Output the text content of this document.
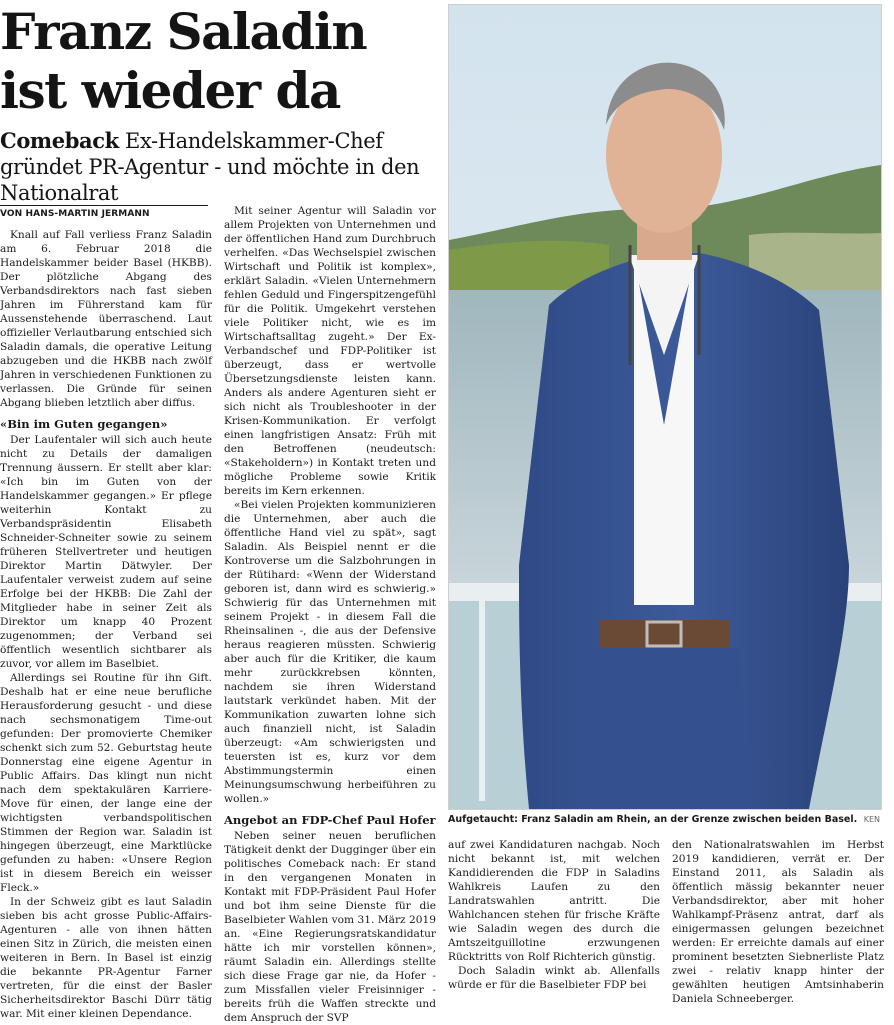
Franz Saladin ist wieder da
Comeback Ex-Handelskammer-Chef gründet PR-Agentur - und möchte in den Nationalrat
VON HANS-MARTIN JERMANN

Knall auf Fall verliess Franz Saladin am 6. Februar 2018 die Handelskammer beider Basel (HKBB). Der plötzliche Abgang des Verbandsdirektors nach fast sieben Jahren im Führerstand kam für Aussenstehende überraschend. Laut offizieller Verlautbarung entschied sich Saladin damals, die operative Leitung abzugeben und die HKBB nach zwölf Jahren in verschiedenen Funktionen zu verlassen. Die Gründe für seinen Abgang blieben letztlich aber diffus.

«Bin im Guten gegangen»

Der Laufentaler will sich auch heute nicht zu Details der damaligen Trennung äussern. Er stellt aber klar: «Ich bin im Guten von der Handelskammer gegangen.» Er pflege weiterhin Kontakt zu Verbandspräsidentin Elisabeth Schneider-Schneiter sowie zu seinem früheren Stellvertreter und heutigen Direktor Martin Dätwyler. Der Laufentaler verweist zudem auf seine Erfolge bei der HKBB: Die Zahl der Mitglieder habe in seiner Zeit als Direktor um knapp 40 Prozent zugenommen; der Verband sei öffentlich wesentlich sichtbarer als zuvor, vor allem im Baselbiet.

Allerdings sei Routine für ihn Gift. Deshalb hat er eine neue berufliche Herausforderung gesucht - und diese nach sechsmonatigem Time-out gefunden: Der promovierte Chemiker schenkt sich zum 52. Geburtstag heute Donnerstag eine eigene Agentur in Public Affairs. Das klingt nun nicht nach dem spektakulären Karriere-Move für einen, der lange eine der wichtigsten verbandspolitischen Stimmen der Region war. Saladin ist hingegen überzeugt, eine Marktlücke gefunden zu haben: «Unsere Region ist in diesem Bereich ein weisser Fleck.»

In der Schweiz gibt es laut Saladin sieben bis acht grosse Public-Affairs-Agenturen - alle von ihnen hätten einen Sitz in Zürich, die meisten einen weiteren in Bern. In Basel ist einzig die bekannte PR-Agentur Farner vertreten, für die einst der Basler Sicherheitsdirektor Baschi Dürr tätig war. Mit einer kleinen Dependance.

Mit seiner Agentur will Saladin vor allem Projekten von Unternehmen und der öffentlichen Hand zum Durchbruch verhelfen. «Das Wechselspiel zwischen Wirtschaft und Politik ist komplex», erklärt Saladin. «Vielen Unternehmern fehlen Geduld und Fingerspitzengefühl für die Politik. Umgekehrt verstehen viele Politiker nicht, wie es im Wirtschaftsalltag zugeht.» Der Ex-Verbandschef und FDP-Politiker ist überzeugt, dass er wertvolle Übersetzungsdienste leisten kann. Anders als andere Agenturen sieht er sich nicht als Troubleshooter in der Krisen-Kommunikation. Er verfolgt einen langfristigen Ansatz: Früh mit den Betroffenen (neudeutsch: «Stakeholdern») in Kontakt treten und mögliche Probleme sowie Kritik bereits im Kern erkennen.

«Bei vielen Projekten kommunizieren die Unternehmen, aber auch die öffentliche Hand viel zu spät», sagt Saladin. Als Beispiel nennt er die Kontroverse um die Salzbohrungen in der Rütihard: «Wenn der Widerstand geboren ist, dann wird es schwierig.» Schwierig für das Unternehmen mit seinem Projekt - in diesem Fall die Rheinsalinen -, die aus der Defensive heraus reagieren müssten. Schwierig aber auch für die Kritiker, die kaum mehr zurückkrebsen könnten, nachdem sie ihren Widerstand lautstark verkündet haben. Mit der Kommunikation zuwarten lohne sich auch finanziell nicht, ist Saladin überzeugt: «Am schwierigsten und teuersten ist es, kurz vor dem Abstimmungstermin einen Meinungsumschwung herbeiführen zu wollen.»

Angebot an FDP-Chef Paul Hofer

Neben seiner neuen beruflichen Tätigkeit denkt der Dugginger über ein politisches Comeback nach: Er stand in den vergangenen Monaten in Kontakt mit FDP-Präsident Paul Hofer und bot ihm seine Dienste für die Baselbieter Wahlen vom 31. März 2019 an. «Eine Regierungsratskandidatur hätte ich mir vorstellen können», räumt Saladin ein. Allerdings stellte sich diese Frage gar nie, da Hofer - zum Missfallen vieler Freisinniger - bereits früh die Waffen streckte und dem Anspruch der SVP

Aufgetaucht: Franz Saladin am Rhein, an der Grenze zwischen beiden Basel. KEN

auf zwei Kandidaturen nachgab. Noch nicht bekannt ist, mit welchen Kandidierenden die FDP in Saladins Wahlkreis Laufen zu den Landratswahlen antritt. Die Wahlchancen stehen für frische Kräfte wie Saladin wegen des durch die Amtszeitguillotine erzwungenen Rücktritts von Rolf Richterich günstig.

Doch Saladin winkt ab. Allenfalls würde er für die Baselbieter FDP bei

den Nationalratswahlen im Herbst 2019 kandidieren, verrät er. Der Einstand 2011, als Saladin als öffentlich mässig bekannter neuer Verbandsdirektor, aber mit hoher Wahlkampf-Präsenz antrat, darf als einigermassen gelungen bezeichnet werden: Er erreichte damals auf einer prominent besetzten Siebnerliste Platz zwei - relativ knapp hinter der gewählten heutigen Amtsinhaberin Daniela Schneeberger.
